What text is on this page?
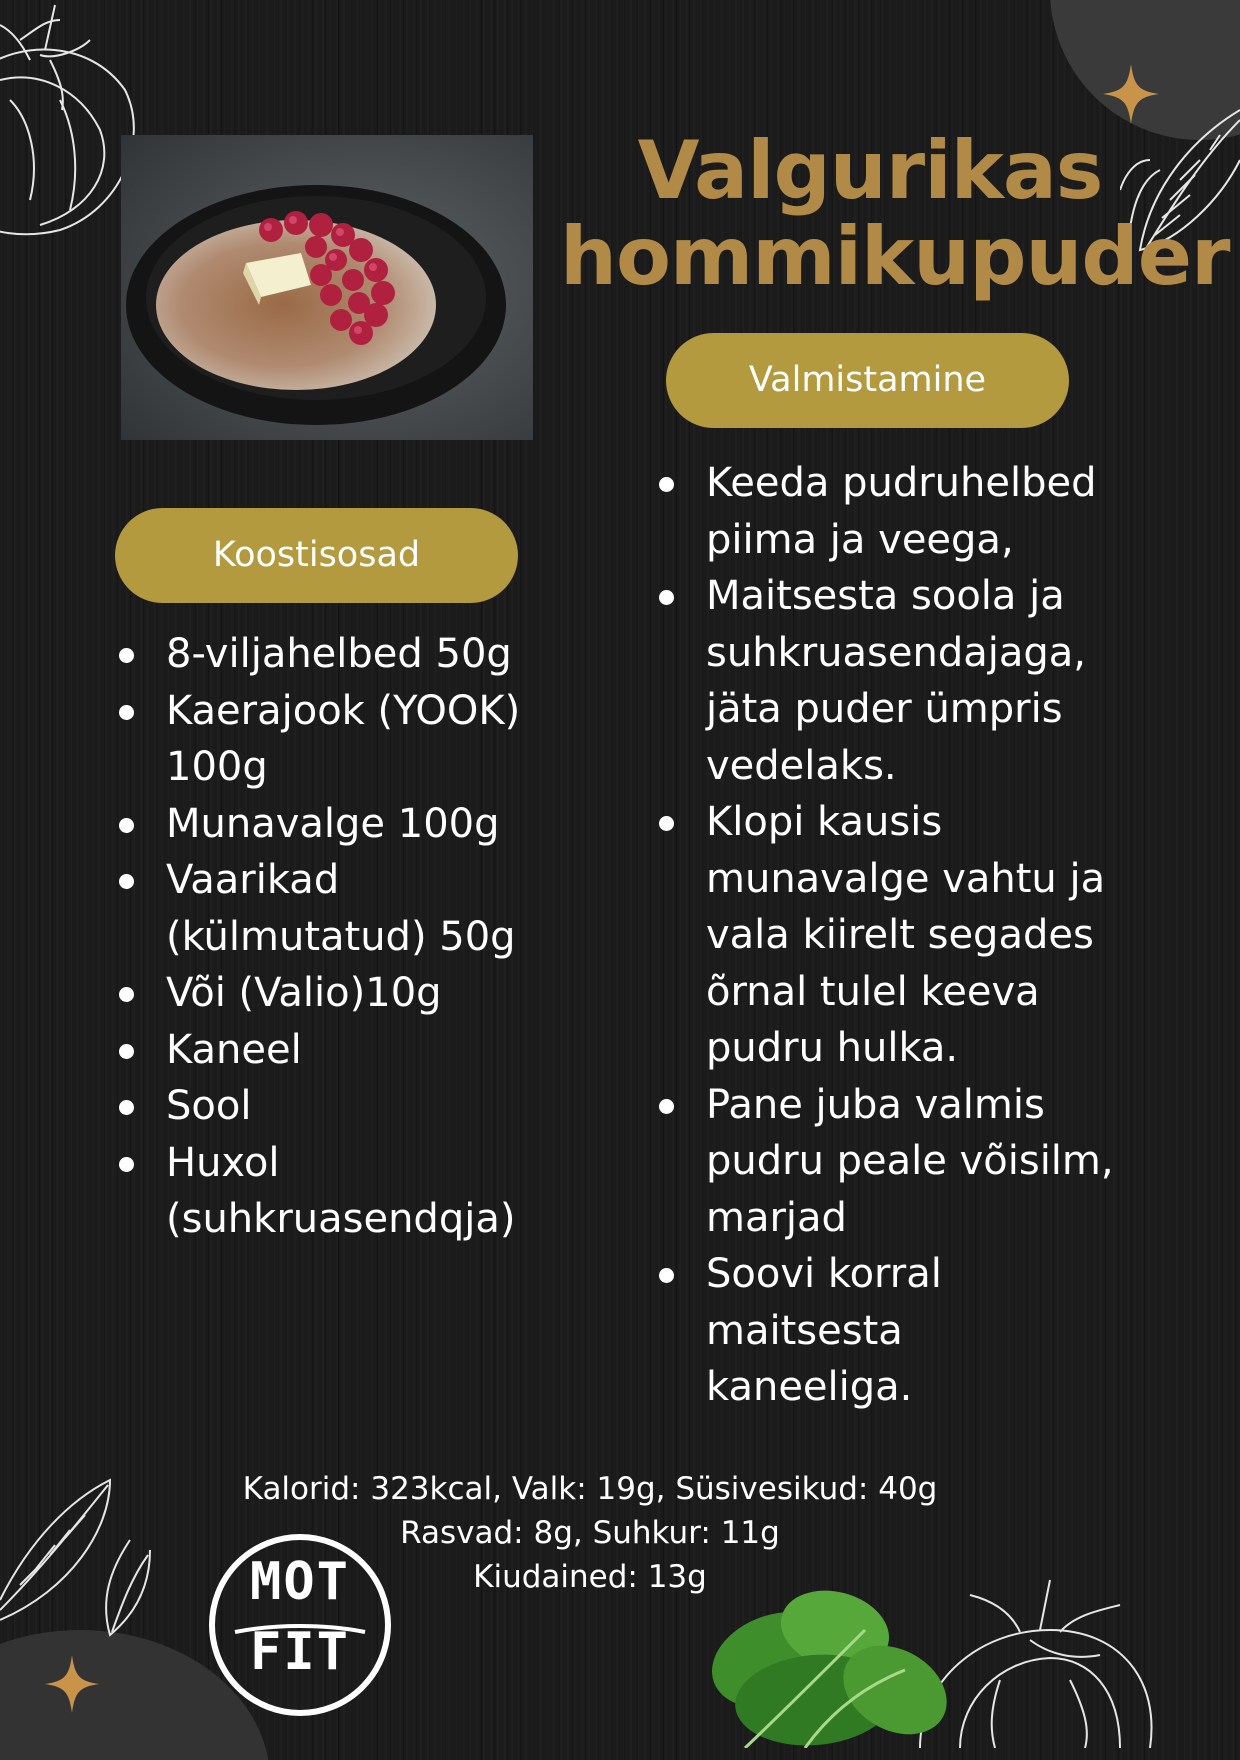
Valgurikas
hommikupuder
Koostisosad
8-viljahelbed 50g
Kaerajook (YOOK)
100g
Munavalge 100g
Vaarikad
(külmutatud) 50g
Või (Valio)10g
Kaneel
Sool
Huxol
(suhkruasendqja)
Valmistamine
Keeda pudruhelbed
piima ja veega,
Maitsesta soola ja
suhkruasendajaga,
jäta puder ümpris
vedelaks.
Klopi kausis
munavalge vahtu ja
vala kiirelt segades
õrnal tulel keeva
pudru hulka.
Pane juba valmis
pudru peale võisilm,
marjad
Soovi korral
maitsesta
kaneeliga.
Kalorid: 323kcal, Valk: 19g, Süsivesikud: 40g
Rasvad: 8g, Suhkur: 11g
Kiudained: 13g
MOT
FIT
